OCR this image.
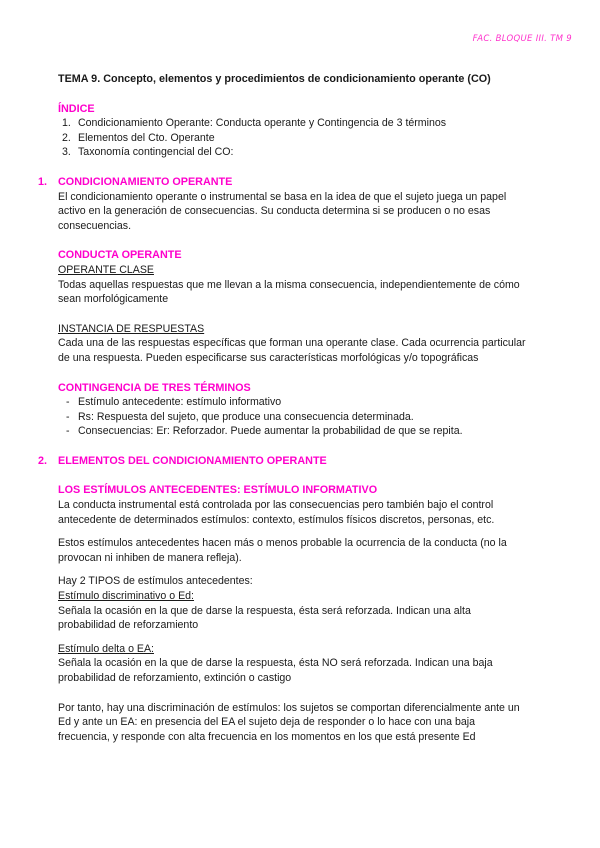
FAC. BLOQUE III. TM 9

TEMA 9. Concepto, elementos y procedimientos de condicionamiento operante (CO)

ÍNDICE
1. Condicionamiento Operante: Conducta operante y Contingencia de 3 términos
2. Elementos del Cto. Operante
3. Taxonomía contingencial del CO:
1. CONDICIONAMIENTO OPERANTE

El condicionamiento operante o instrumental se basa en la idea de que el sujeto juega un papel activo en la generación de consecuencias. Su conducta determina si se producen o no esas consecuencias.

CONDUCTA OPERANTE
OPERANTE CLASE

Todas aquellas respuestas que me llevan a la misma consecuencia, independientemente de cómo sean morfológicamente

INSTANCIA DE RESPUESTAS

Cada una de las respuestas específicas que forman una operante clase. Cada ocurrencia particular de una respuesta. Pueden especificarse sus características morfológicas y/o topográficas

CONTINGENCIA DE TRES TÉRMINOS
- Estímulo antecedente: estímulo informativo
- Rs: Respuesta del sujeto, que produce una consecuencia determinada.
- Consecuencias: Er: Reforzador. Puede aumentar la probabilidad de que se repita.
2. ELEMENTOS DEL CONDICIONAMIENTO OPERANTE
LOS ESTÍMULOS ANTECEDENTES: ESTÍMULO INFORMATIVO

La conducta instrumental está controlada por las consecuencias pero también bajo el control antecedente de determinados estímulos: contexto, estímulos físicos discretos, personas, etc.

Estos estímulos antecedentes hacen más o menos probable la ocurrencia de la conducta (no la provocan ni inhiben de manera refleja).

Hay 2 TIPOS de estímulos antecedentes:

Estímulo discriminativo o Ed:

Señala la ocasión en la que de darse la respuesta, ésta será reforzada. Indican una alta probabilidad de reforzamiento

Estímulo delta o EA:

Señala la ocasión en la que de darse la respuesta, ésta NO será reforzada. Indican una baja probabilidad de reforzamiento, extinción o castigo

Por tanto, hay una discriminación de estímulos: los sujetos se comportan diferencialmente ante un Ed y ante un EA: en presencia del EA el sujeto deja de responder o lo hace con una baja frecuencia, y responde con alta frecuencia en los momentos en los que está presente Ed
